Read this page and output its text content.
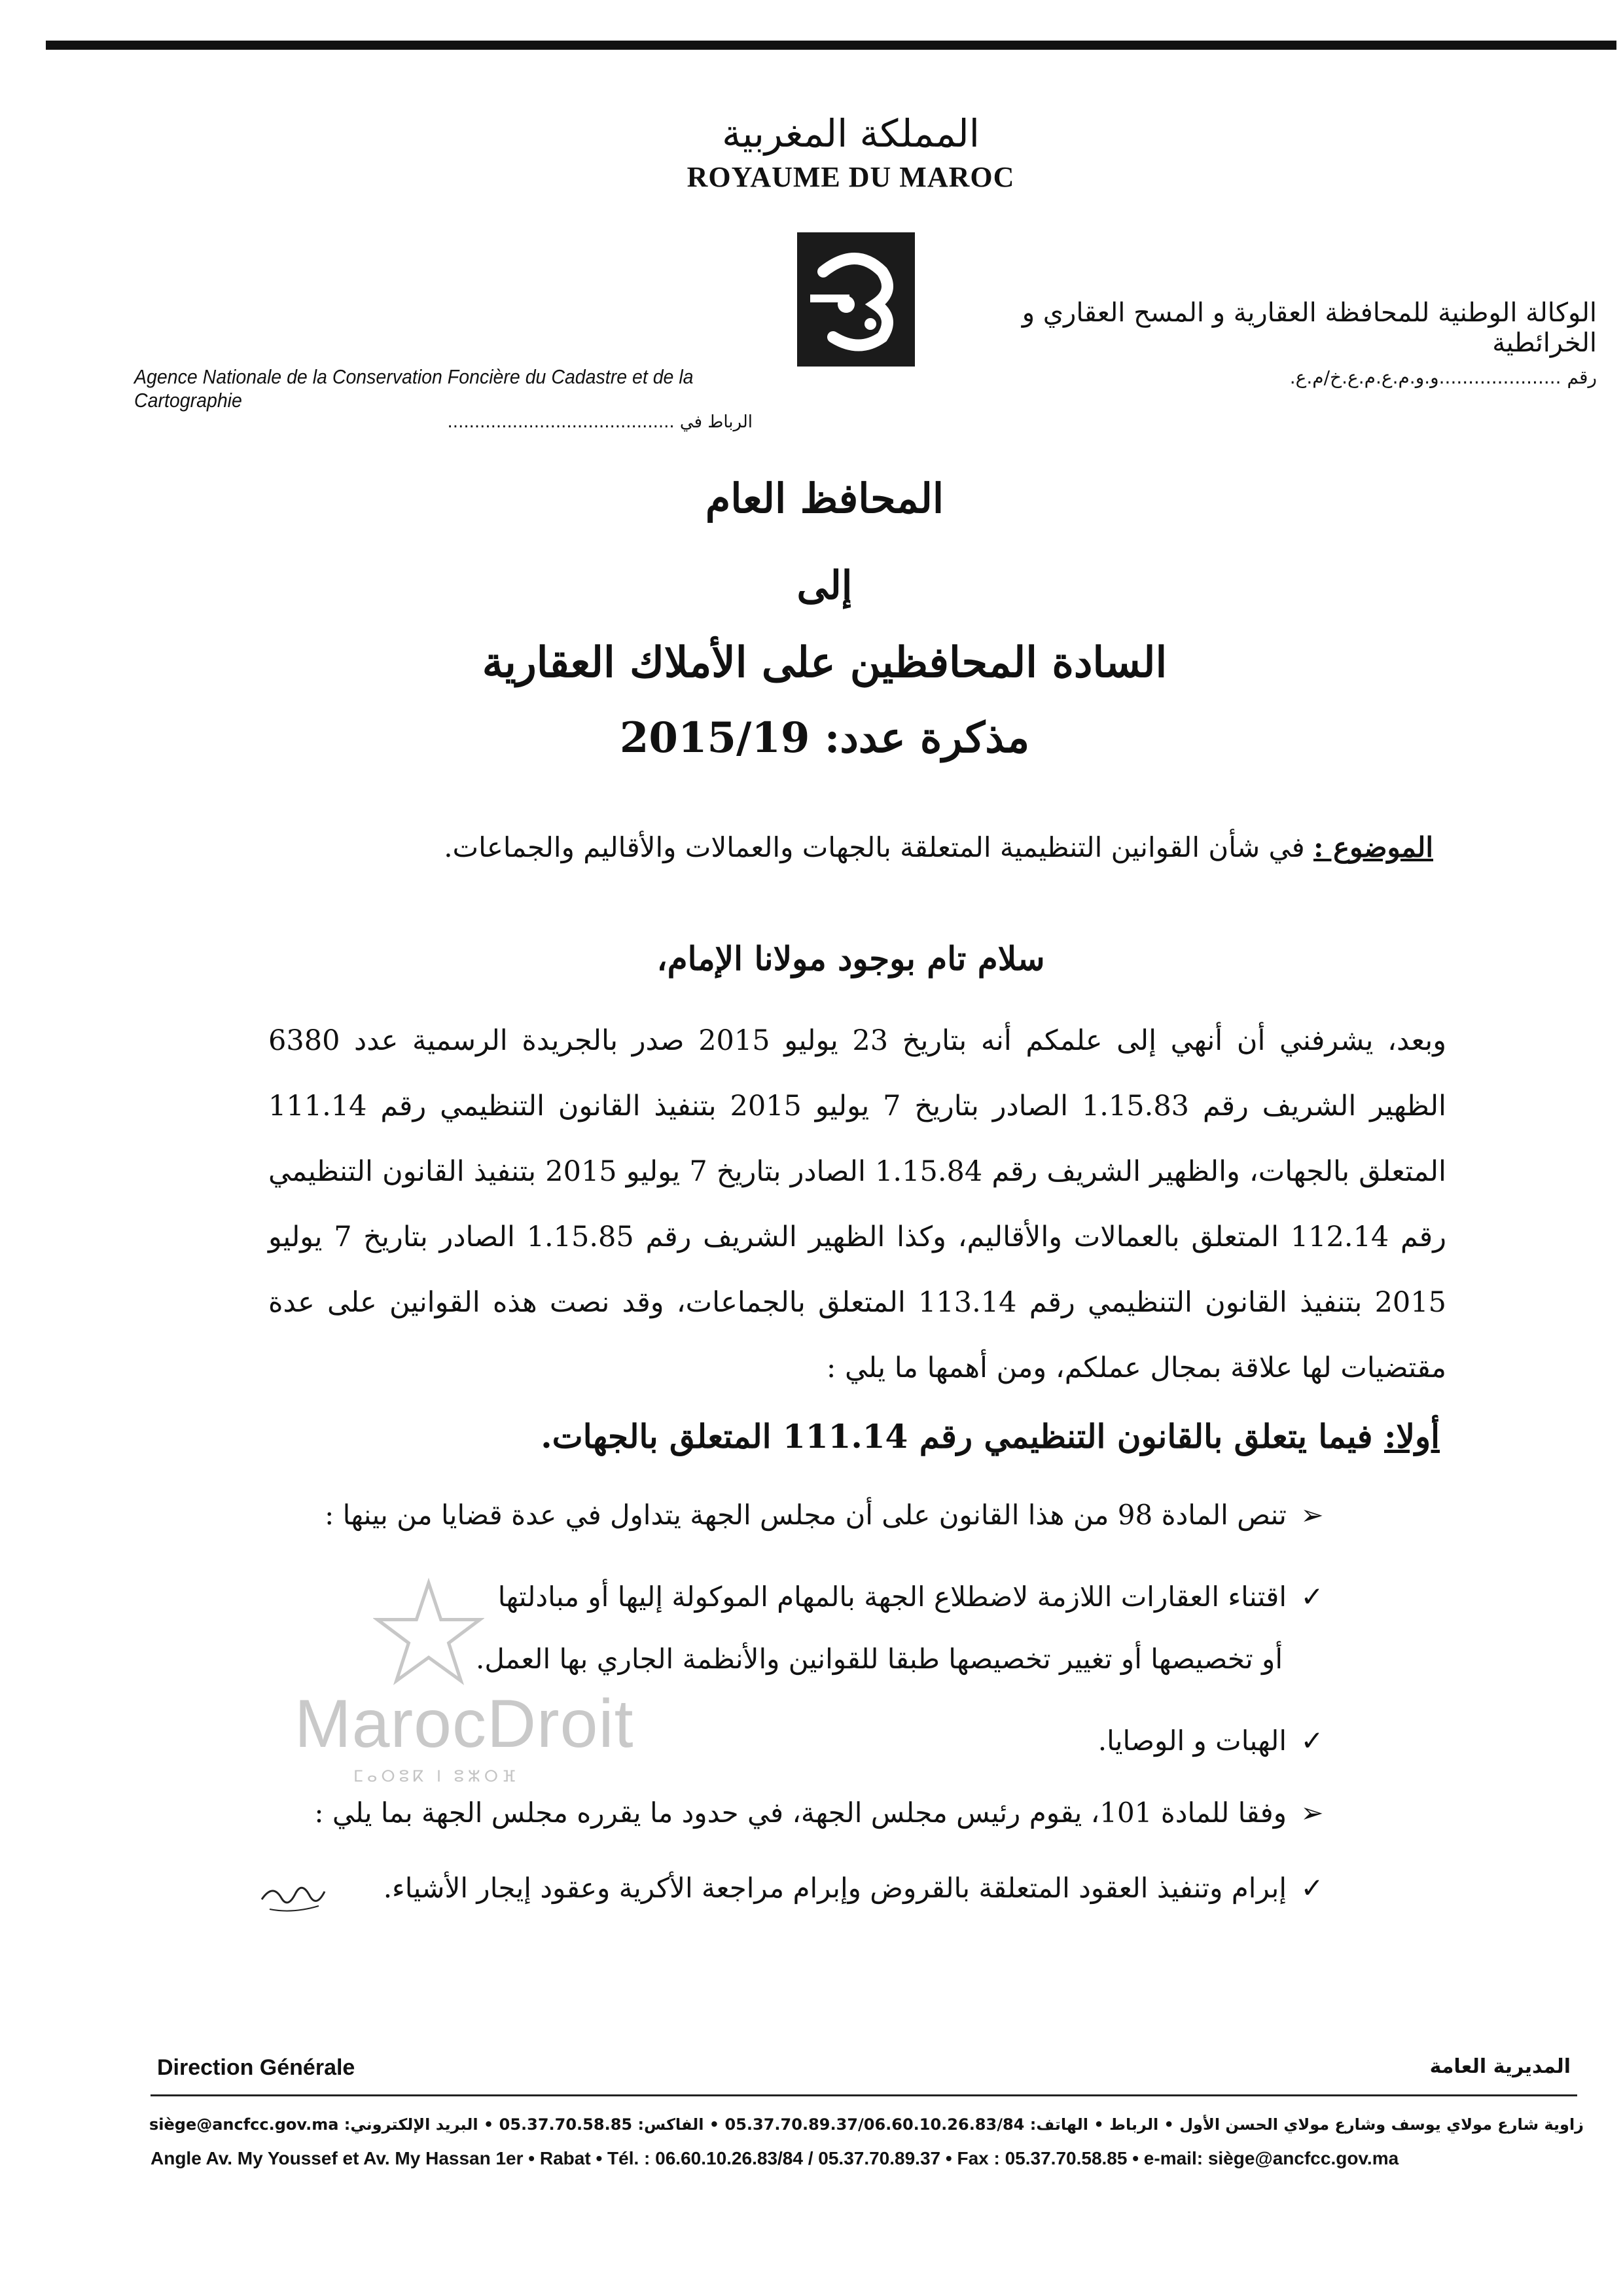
المملكة المغربية
ROYAUME DU MAROC
الوكالة الوطنية للمحافظة العقارية و المسح العقاري و الخرائطية
رقم .....................و.و.م.ع.م.ع.خ/م.ع.
Agence Nationale de la Conservation Foncière du Cadastre et de la Cartographie
الرباط في ..........................................
المحافظ العام
إلى
السادة المحافظين على الأملاك العقارية
مذكرة عدد: 2015/19
الموضوع : في شأن القوانين التنظيمية المتعلقة بالجهات والعمالات والأقاليم والجماعات.
سلام تام بوجود مولانا الإمام،
وبعد، يشرفني أن أنهي إلى علمكم أنه بتاريخ 23 يوليو 2015 صدر بالجريدة الرسمية عدد 6380 الظهير الشريف رقم 1.15.83 الصادر بتاريخ 7 يوليو 2015 بتنفيذ القانون التنظيمي رقم 111.14 المتعلق بالجهات، والظهير الشريف رقم 1.15.84 الصادر بتاريخ 7 يوليو 2015 بتنفيذ القانون التنظيمي رقم 112.14 المتعلق بالعمالات والأقاليم، وكذا الظهير الشريف رقم 1.15.85 الصادر بتاريخ 7 يوليو 2015 بتنفيذ القانون التنظيمي رقم 113.14 المتعلق بالجماعات، وقد نصت هذه القوانين على عدة مقتضيات لها علاقة بمجال عملكم، ومن أهمها ما يلي :
أولا: فيما يتعلق بالقانون التنظيمي رقم 111.14 المتعلق بالجهات.
➢تنص المادة 98 من هذا القانون على أن مجلس الجهة يتداول في عدة قضايا من بينها :
✓اقتناء العقارات اللازمة لاضطلاع الجهة بالمهام الموكولة إليها أو مبادلتها
أو تخصيصها أو تغيير تخصيصها طبقا للقوانين والأنظمة الجاري بها العمل.
✓الهبات و الوصايا.
➢وفقا للمادة 101، يقوم رئيس مجلس الجهة، في حدود ما يقرره مجلس الجهة بما يلي :
✓إبرام وتنفيذ العقود المتعلقة بالقروض وإبرام مراجعة الأكرية وعقود إيجار الأشياء.
MarocDroit
ⵎⴰⵔⵓⴽ ⵏ ⵓⵣⵔⴼ
Direction Générale	المديرية العامة
زاوية شارع مولاي يوسف وشارع مولاي الحسن الأول • الرباط • الهاتف: 05.37.70.89.37/06.60.10.26.83/84 • الفاكس: 05.37.70.58.85 • البريد الإلكتروني: siège@ancfcc.gov.ma
Angle Av. My Youssef et Av. My Hassan 1er • Rabat • Tél. : 06.60.10.26.83/84 / 05.37.70.89.37 • Fax : 05.37.70.58.85 • e-mail: siège@ancfcc.gov.ma
